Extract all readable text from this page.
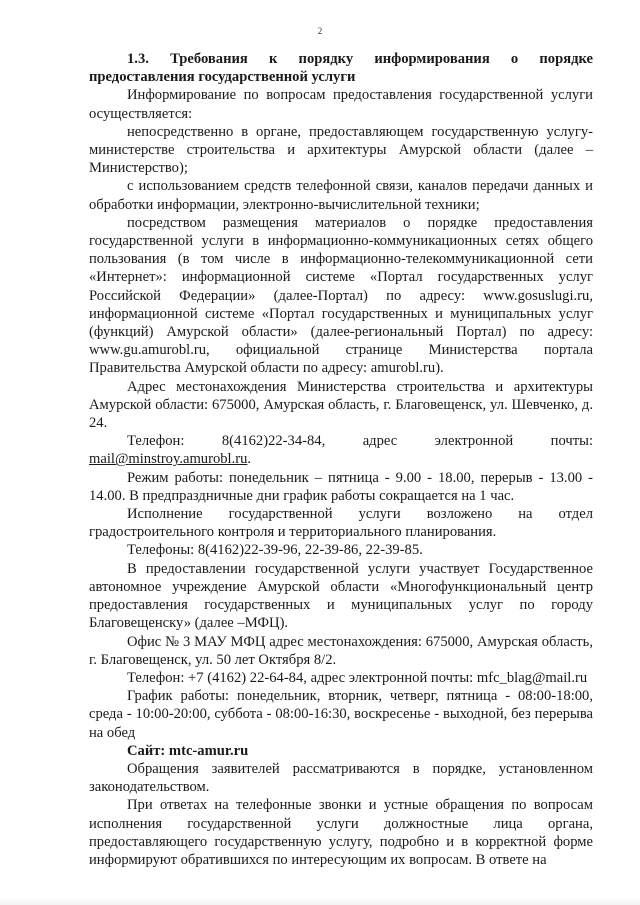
2

1.3. Требования к порядку информирования о порядке предоставления государственной услуги

Информирование по вопросам предоставления государственной услуги осуществляется:

непосредственно в органе, предоставляющем государственную услугу- министерстве строительства и архитектуры Амурской области (далее – Министерство);

с использованием средств телефонной связи, каналов передачи данных и обработки информации, электронно-вычислительной техники;

посредством размещения материалов о порядке предоставления государственной услуги в информационно-коммуникационных сетях общего пользования (в том числе в информационно-телекоммуникационной сети «Интернет»: информационной системе «Портал государственных услуг Российской Федерации» (далее-Портал) по адресу: www.gosuslugi.ru, информационной системе «Портал государственных и муниципальных услуг (функций) Амурской области» (далее-региональный Портал) по адресу: www.gu.amurobl.ru, официальной странице Министерства портала Правительства Амурской области по адресу: amurobl.ru).

Адрес местонахождения Министерства строительства и архитектуры Амурской области: 675000, Амурская область, г. Благовещенск, ул. Шевченко, д. 24.

Телефон: 8(4162)22-34-84, адрес электронной почты: mail@minstroy.amurobl.ru.

Режим работы: понедельник – пятница - 9.00 - 18.00, перерыв - 13.00 - 14.00. В предпраздничные дни график работы сокращается на 1 час.

Исполнение государственной услуги возложено на отдел градостроительного контроля и территориального планирования.

Телефоны: 8(4162)22-39-96, 22-39-86, 22-39-85.

В предоставлении государственной услуги участвует Государственное автономное учреждение Амурской области «Многофункциональный центр предоставления государственных и муниципальных услуг по городу Благовещенску» (далее –МФЦ).

Офис № 3 МАУ МФЦ адрес местонахождения: 675000, Амурская область, г. Благовещенск, ул. 50 лет Октября 8/2.

Телефон: +7 (4162) 22-64-84, адрес электронной почты: mfc_blag@mail.ru

График работы: понедельник, вторник, четверг, пятница - 08:00-18:00, среда - 10:00-20:00, суббота - 08:00-16:30, воскресенье - выходной, без перерыва на обед

Сайт: mtc-amur.ru

Обращения заявителей рассматриваются в порядке, установленном законодательством.

При ответах на телефонные звонки и устные обращения по вопросам исполнения государственной услуги должностные лица органа, предоставляющего государственную услугу, подробно и в корректной форме информируют обратившихся по интересующим их вопросам. В ответе на
